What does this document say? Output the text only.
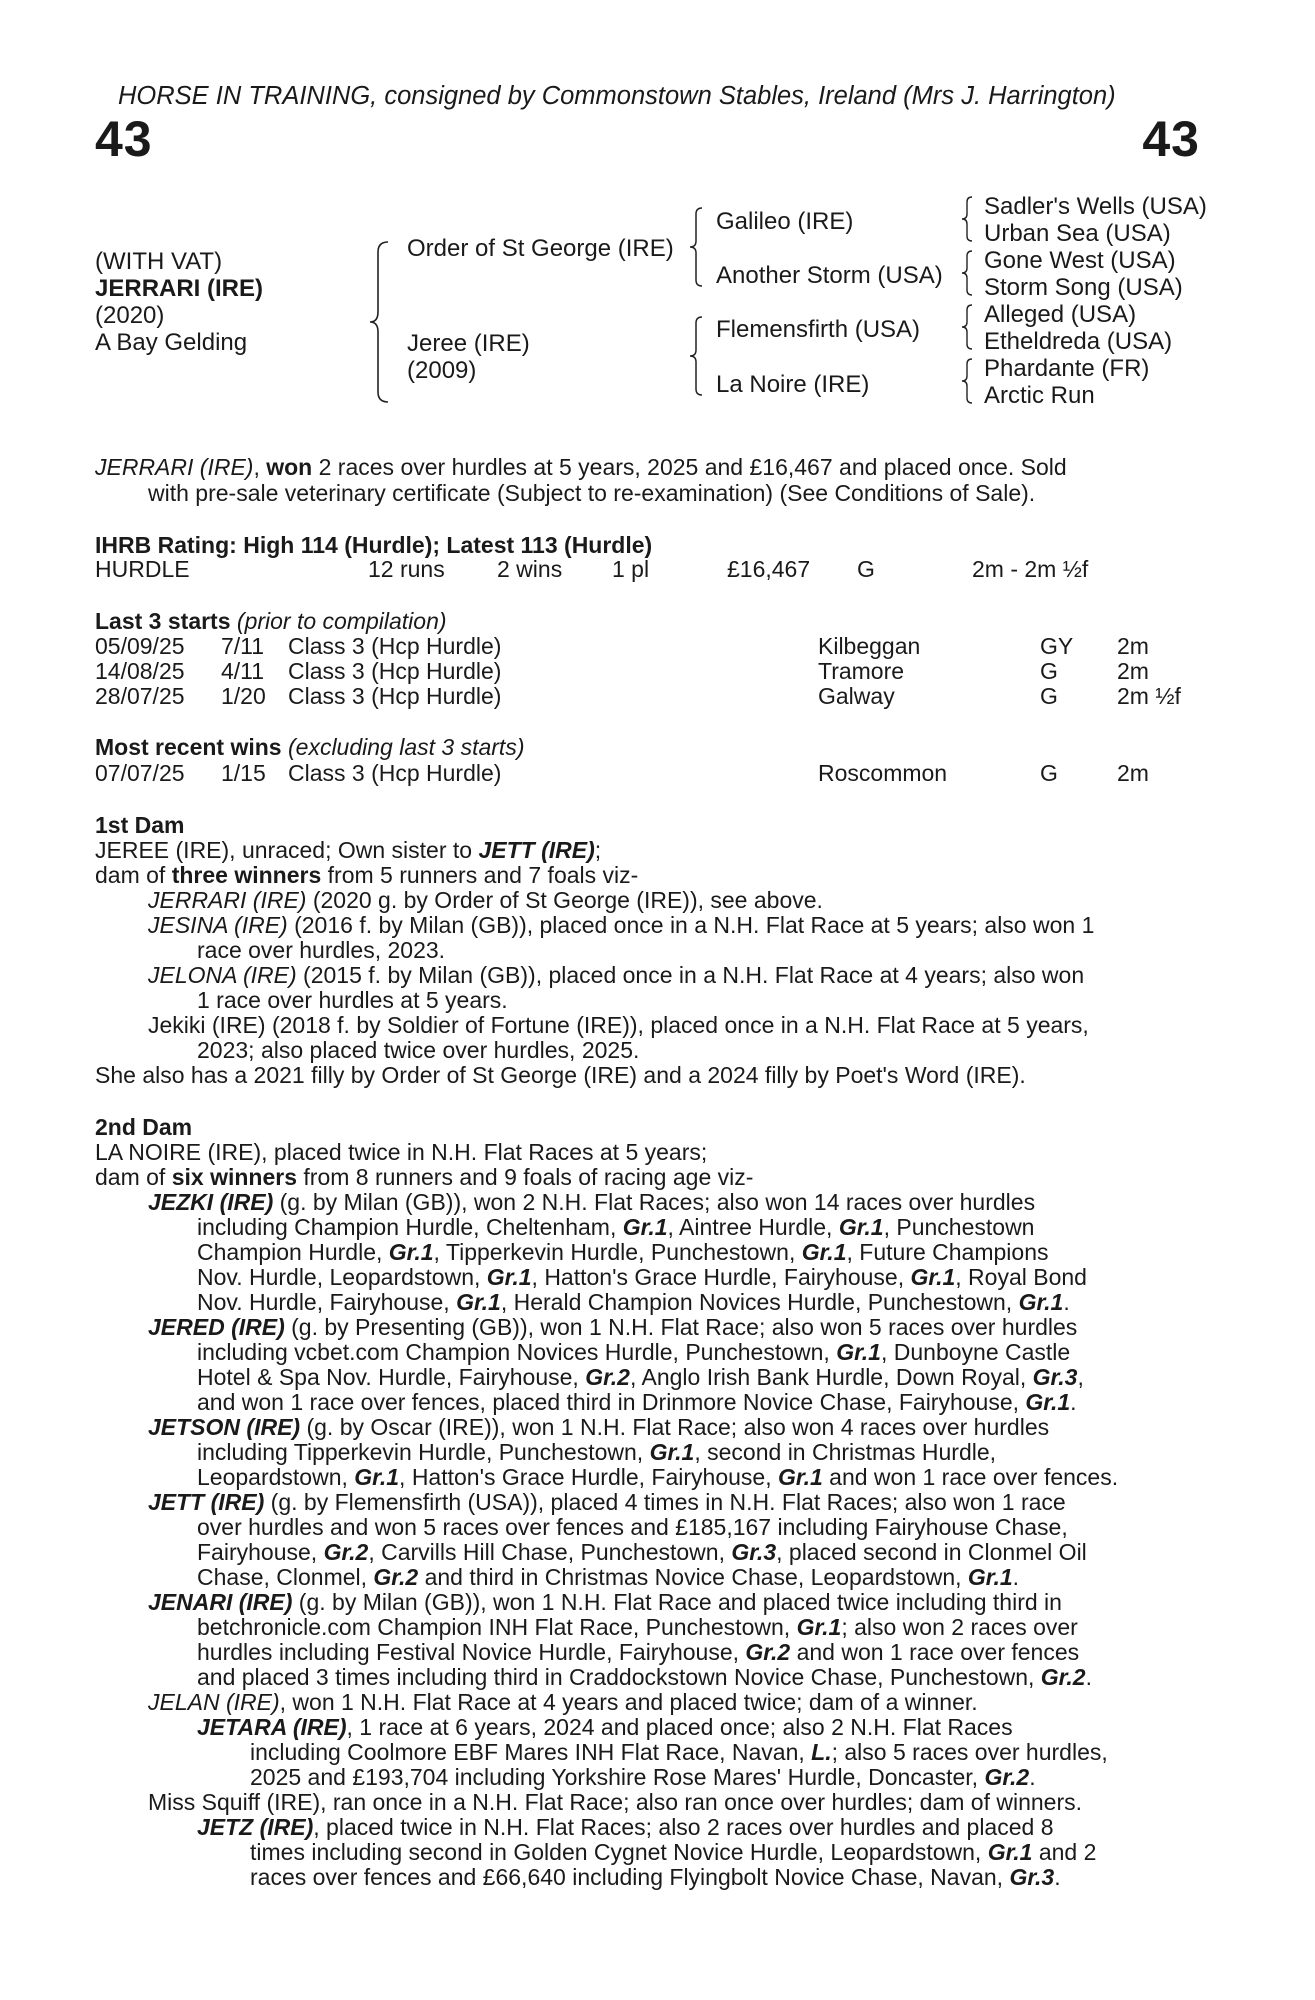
HORSE IN TRAINING, consigned by Commonstown Stables, Ireland (Mrs J. Harrington)
43	43
(WITH VAT)
JERRARI (IRE)
(2020)
A Bay Gelding
Order of St George (IRE)
Jeree (IRE)
(2009)
Galileo (IRE)
Another Storm (USA)
Flemensfirth (USA)
La Noire (IRE)
Sadler's Wells (USA)
Urban Sea (USA)
Gone West (USA)
Storm Song (USA)
Alleged (USA)
Etheldreda (USA)
Phardante (FR)
Arctic Run
JERRARI (IRE), won 2 races over hurdles at 5 years, 2025 and £16,467 and placed once. Sold
with pre-sale veterinary certificate (Subject to re-examination) (See Conditions of Sale).
IHRB Rating: High 114 (Hurdle); Latest 113 (Hurdle)
HURDLE	12 runs 2 wins 1 pl	£16,467 G	2m - 2m ½f
Last 3 starts (prior to compilation)
05/09/25 7/11 Class 3 (Hcp Hurdle)	Kilbeggan	GY 2m
14/08/25 4/11 Class 3 (Hcp Hurdle)	Tramore	G	2m
28/07/25 1/20 Class 3 (Hcp Hurdle)	Galway	G	2m ½f
Most recent wins (excluding last 3 starts)
07/07/25 1/15 Class 3 (Hcp Hurdle)	Roscommon	G	2m
1st Dam
JEREE (IRE), unraced; Own sister to JETT (IRE);
dam of three winners from 5 runners and 7 foals viz-
JERRARI (IRE) (2020 g. by Order of St George (IRE)), see above.
JESINA (IRE) (2016 f. by Milan (GB)), placed once in a N.H. Flat Race at 5 years; also won 1
race over hurdles, 2023.
JELONA (IRE) (2015 f. by Milan (GB)), placed once in a N.H. Flat Race at 4 years; also won
1 race over hurdles at 5 years.
Jekiki (IRE) (2018 f. by Soldier of Fortune (IRE)), placed once in a N.H. Flat Race at 5 years,
2023; also placed twice over hurdles, 2025.
She also has a 2021 filly by Order of St George (IRE) and a 2024 filly by Poet's Word (IRE).
2nd Dam
LA NOIRE (IRE), placed twice in N.H. Flat Races at 5 years;
dam of six winners from 8 runners and 9 foals of racing age viz-
JEZKI (IRE) (g. by Milan (GB)), won 2 N.H. Flat Races; also won 14 races over hurdles
including Champion Hurdle, Cheltenham, Gr.1, Aintree Hurdle, Gr.1, Punchestown
Champion Hurdle, Gr.1, Tipperkevin Hurdle, Punchestown, Gr.1, Future Champions
Nov. Hurdle, Leopardstown, Gr.1, Hatton's Grace Hurdle, Fairyhouse, Gr.1, Royal Bond
Nov. Hurdle, Fairyhouse, Gr.1, Herald Champion Novices Hurdle, Punchestown, Gr.1.
JERED (IRE) (g. by Presenting (GB)), won 1 N.H. Flat Race; also won 5 races over hurdles
including vcbet.com Champion Novices Hurdle, Punchestown, Gr.1, Dunboyne Castle
Hotel & Spa Nov. Hurdle, Fairyhouse, Gr.2, Anglo Irish Bank Hurdle, Down Royal, Gr.3,
and won 1 race over fences, placed third in Drinmore Novice Chase, Fairyhouse, Gr.1.
JETSON (IRE) (g. by Oscar (IRE)), won 1 N.H. Flat Race; also won 4 races over hurdles
including Tipperkevin Hurdle, Punchestown, Gr.1, second in Christmas Hurdle,
Leopardstown, Gr.1, Hatton's Grace Hurdle, Fairyhouse, Gr.1 and won 1 race over fences.
JETT (IRE) (g. by Flemensfirth (USA)), placed 4 times in N.H. Flat Races; also won 1 race
over hurdles and won 5 races over fences and £185,167 including Fairyhouse Chase,
Fairyhouse, Gr.2, Carvills Hill Chase, Punchestown, Gr.3, placed second in Clonmel Oil
Chase, Clonmel, Gr.2 and third in Christmas Novice Chase, Leopardstown, Gr.1.
JENARI (IRE) (g. by Milan (GB)), won 1 N.H. Flat Race and placed twice including third in
betchronicle.com Champion INH Flat Race, Punchestown, Gr.1; also won 2 races over
hurdles including Festival Novice Hurdle, Fairyhouse, Gr.2 and won 1 race over fences
and placed 3 times including third in Craddockstown Novice Chase, Punchestown, Gr.2.
JELAN (IRE), won 1 N.H. Flat Race at 4 years and placed twice; dam of a winner.
JETARA (IRE), 1 race at 6 years, 2024 and placed once; also 2 N.H. Flat Races
including Coolmore EBF Mares INH Flat Race, Navan, L.; also 5 races over hurdles,
2025 and £193,704 including Yorkshire Rose Mares' Hurdle, Doncaster, Gr.2.
Miss Squiff (IRE), ran once in a N.H. Flat Race; also ran once over hurdles; dam of winners.
JETZ (IRE), placed twice in N.H. Flat Races; also 2 races over hurdles and placed 8
times including second in Golden Cygnet Novice Hurdle, Leopardstown, Gr.1 and 2
races over fences and £66,640 including Flyingbolt Novice Chase, Navan, Gr.3.
